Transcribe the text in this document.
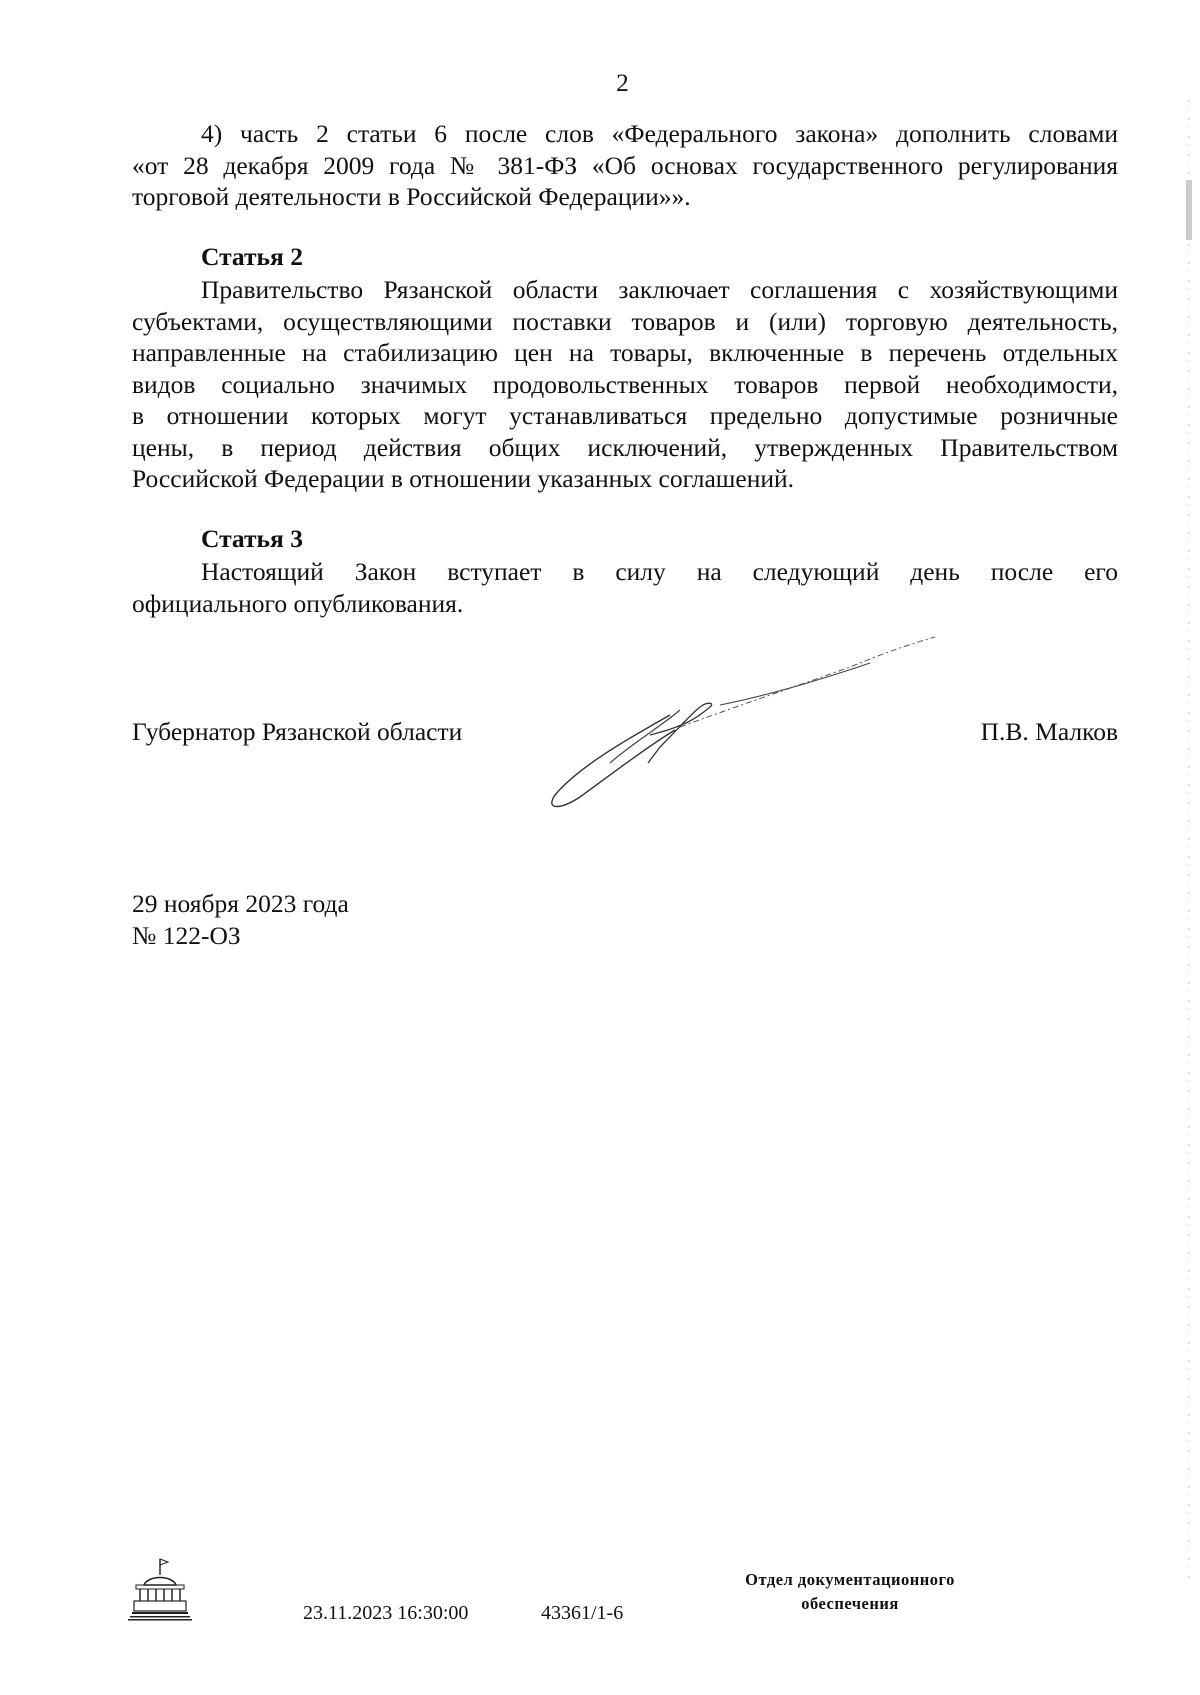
2
4) часть 2 статьи 6 после слов «Федерального закона» дополнить словами
«от 28 декабря 2009 года № 381-ФЗ «Об основах государственного регулирования
торговой деятельности в Российской Федерации»».
Статья 2
Правительство Рязанской области заключает соглашения с хозяйствующими
субъектами, осуществляющими поставки товаров и (или) торговую деятельность,
направленные на стабилизацию цен на товары, включенные в перечень отдельных
видов социально значимых продовольственных товаров первой необходимости,
в отношении которых могут устанавливаться предельно допустимые розничные
цены, в период действия общих исключений, утвержденных Правительством
Российской Федерации в отношении указанных соглашений.
Статья 3
Настоящий Закон вступает в силу на следующий день после его
официального опубликования.
Губернатор Рязанской области	П.В. Малков
29 ноября 2023 года
№ 122-ОЗ
23.11.2023 16:30:00	43361/1-6
Отдел документационного
обеспечения
